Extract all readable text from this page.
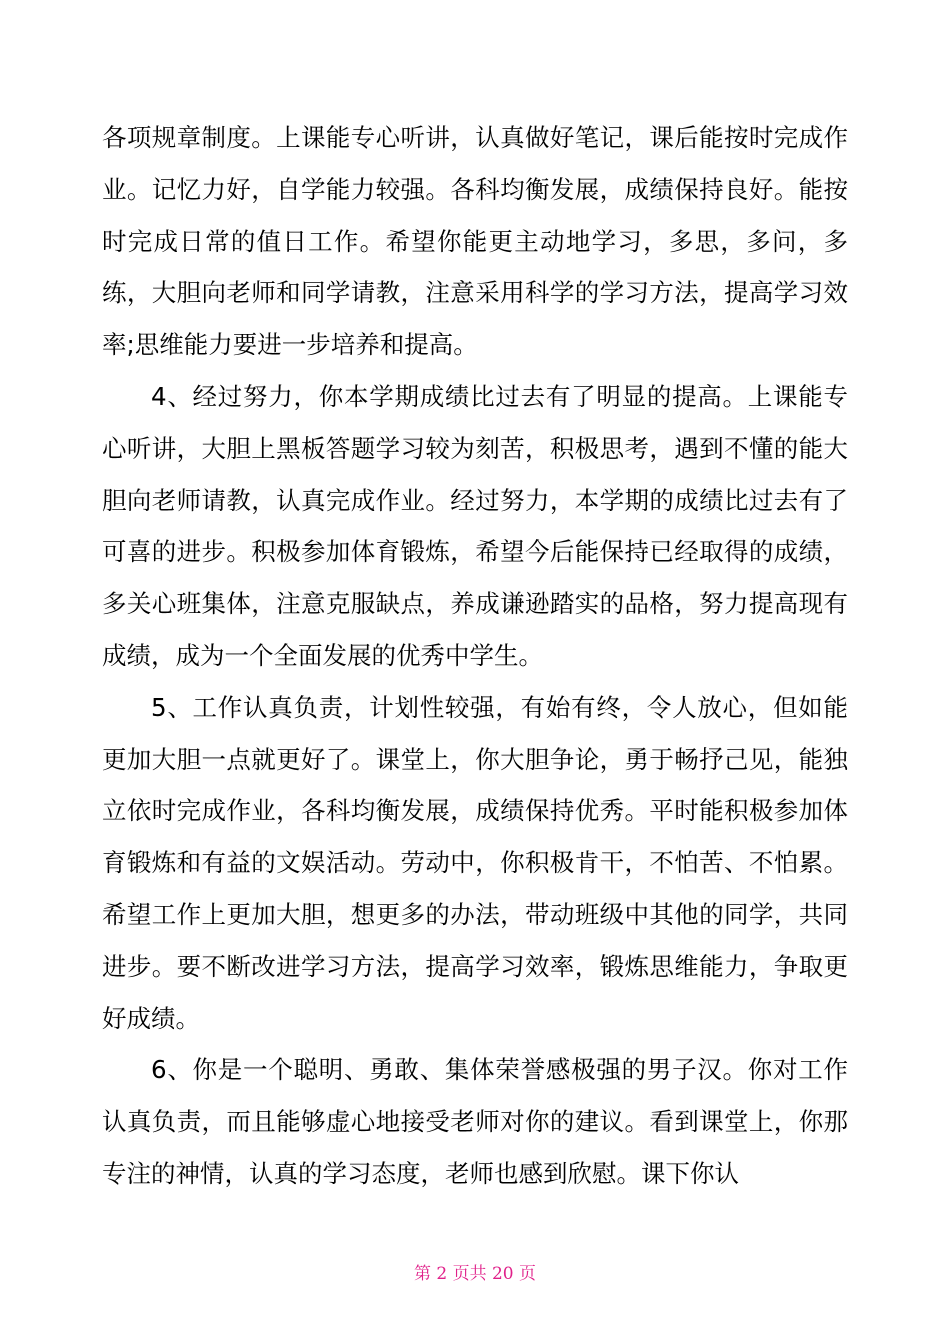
各项规章制度。上课能专心听讲，认真做好笔记，课后能按时完成作业。记忆力好，自学能力较强。各科均衡发展，成绩保持良好。能按时完成日常的值日工作。希望你能更主动地学习，多思，多问，多练，大胆向老师和同学请教，注意采用科学的学习方法，提高学习效率;思维能力要进一步培养和提高。

4、经过努力，你本学期成绩比过去有了明显的提高。上课能专心听讲，大胆上黑板答题学习较为刻苦，积极思考，遇到不懂的能大胆向老师请教，认真完成作业。经过努力，本学期的成绩比过去有了可喜的进步。积极参加体育锻炼，希望今后能保持已经取得的成绩，多关心班集体，注意克服缺点，养成谦逊踏实的品格，努力提高现有成绩，成为一个全面发展的优秀中学生。

5、工作认真负责，计划性较强，有始有终，令人放心，但如能更加大胆一点就更好了。课堂上，你大胆争论，勇于畅抒己见，能独立依时完成作业，各科均衡发展，成绩保持优秀。平时能积极参加体育锻炼和有益的文娱活动。劳动中，你积极肯干，不怕苦、不怕累。希望工作上更加大胆，想更多的办法，带动班级中其他的同学，共同进步。要不断改进学习方法，提高学习效率，锻炼思维能力，争取更好成绩。

6、你是一个聪明、勇敢、集体荣誉感极强的男子汉。你对工作认真负责，而且能够虚心地接受老师对你的建议。看到课堂上，你那专注的神情，认真的学习态度，老师也感到欣慰。课下你认

第 2 页共 20 页
